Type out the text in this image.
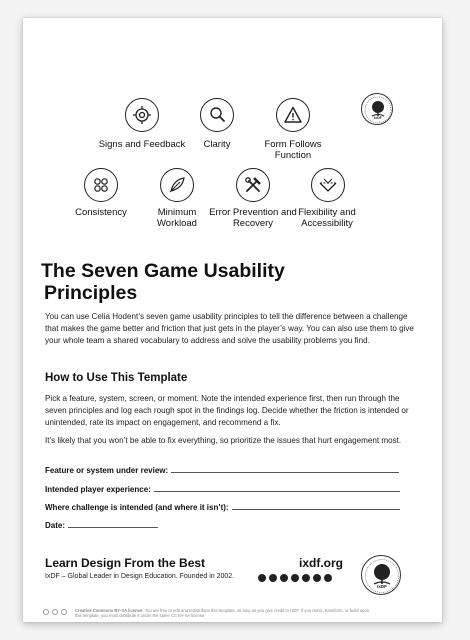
IxDF
Signs and Feedback	Clarity	Form Follows Function
Consistency	Minimum Workload
Error Prevention and Recovery
Flexibility and Accessibility
The Seven Game Usability
Principles
You can use Celia Hodent’s seven game usability principles to tell the difference between a challenge that makes the game better and friction that just gets in the player’s way. You can also use them to give your whole team a shared vocabulary to address and solve the usability problems you find.
How to Use This Template
Pick a feature, system, screen, or moment. Note the intended experience first, then run through the seven principles and log each rough spot in the findings log. Decide whether the friction is intended or unintended, rate its impact on engagement, and recommend a fix.
It’s likely that you won’t be able to fix everything, so prioritize the issues that hurt engagement most.
Feature or system under review:
Intended player experience:
Where challenge is intended (and where it isn’t):
Date:
Learn Design From the Best
IxDF – Global Leader in Design Education. Founded in 2002.
ixdf.org
IxDF
Creative Commons BY-SA license. You are free to edit and redistribute this template, as long as you give credit to IxDF. If you remix, transform, or build upon this template, you must distribute it under the same CC BY-SA license.
